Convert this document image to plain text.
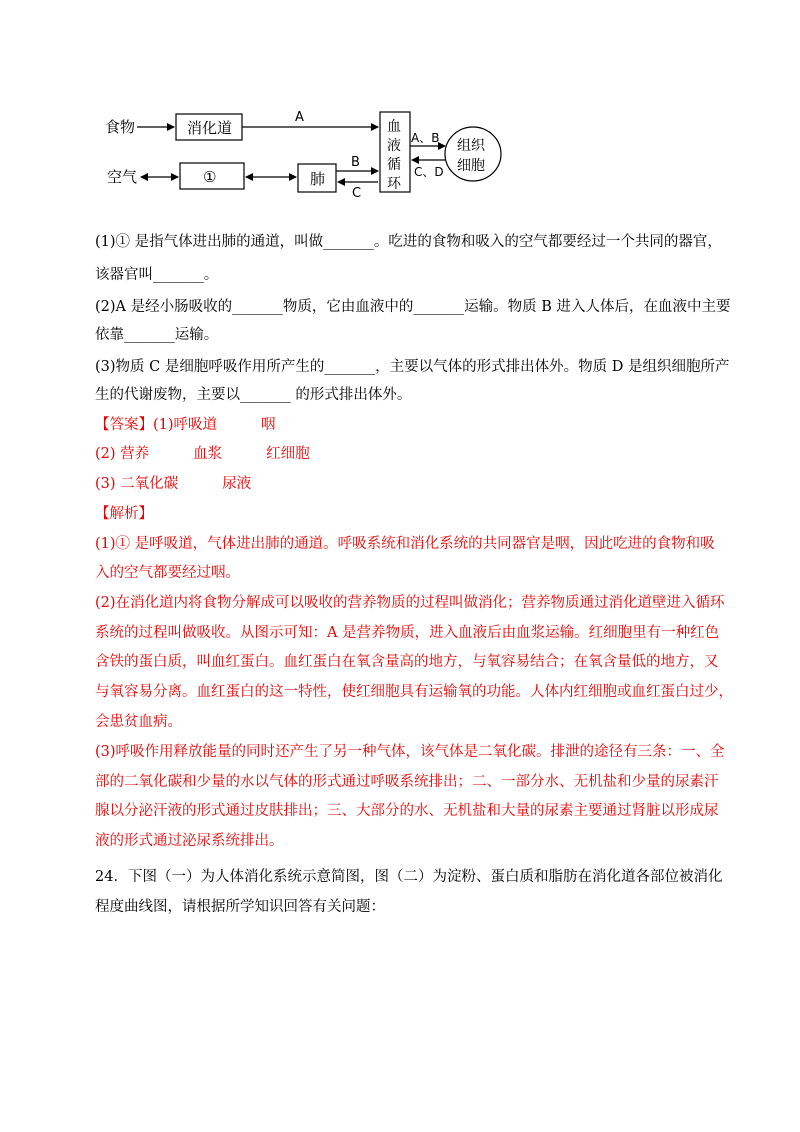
食物	消化道
A
血
液
循
环
A、B
C、D
组织
细胞
空气	①	肺
B
C
(1)① 是指气体进出肺的通道，叫做_______。吃进的食物和吸入的空气都要经过一个共同的器官，
该器官叫_______。
(2)A 是经小肠吸收的_______物质，它由血液中的_______运输。物质 B 进入人体后，在血液中主要
依靠_______运输。
(3)物质 C 是细胞呼吸作用所产生的_______，主要以气体的形式排出体外。物质 D 是组织细胞所产
生的代谢废物，主要以_______ 的形式排出体外。
【答案】(1)呼吸道	咽
(2) 营养	血浆	红细胞
(3) 二氧化碳	尿液
【解析】
(1)① 是呼吸道，气体进出肺的通道。呼吸系统和消化系统的共同器官是咽，因此吃进的食物和吸
入的空气都要经过咽。
(2)在消化道内将食物分解成可以吸收的营养物质的过程叫做消化；营养物质通过消化道壁进入循环
系统的过程叫做吸收。从图示可知：A 是营养物质，进入血液后由血浆运输。红细胞里有一种红色
含铁的蛋白质，叫血红蛋白。血红蛋白在氧含量高的地方，与氧容易结合；在氧含量低的地方，又
与氧容易分离。血红蛋白的这一特性，使红细胞具有运输氧的功能。人体内红细胞或血红蛋白过少，
会患贫血病。
(3)呼吸作用释放能量的同时还产生了另一种气体，该气体是二氧化碳。排泄的途径有三条：一、全
部的二氧化碳和少量的水以气体的形式通过呼吸系统排出；二、一部分水、无机盐和少量的尿素汗
腺以分泌汗液的形式通过皮肤排出；三、大部分的水、无机盐和大量的尿素主要通过肾脏以形成尿
液的形式通过泌尿系统排出。
24．下图（一）为人体消化系统示意简图，图（二）为淀粉、蛋白质和脂肪在消化道各部位被消化
程度曲线图，请根据所学知识回答有关问题：
